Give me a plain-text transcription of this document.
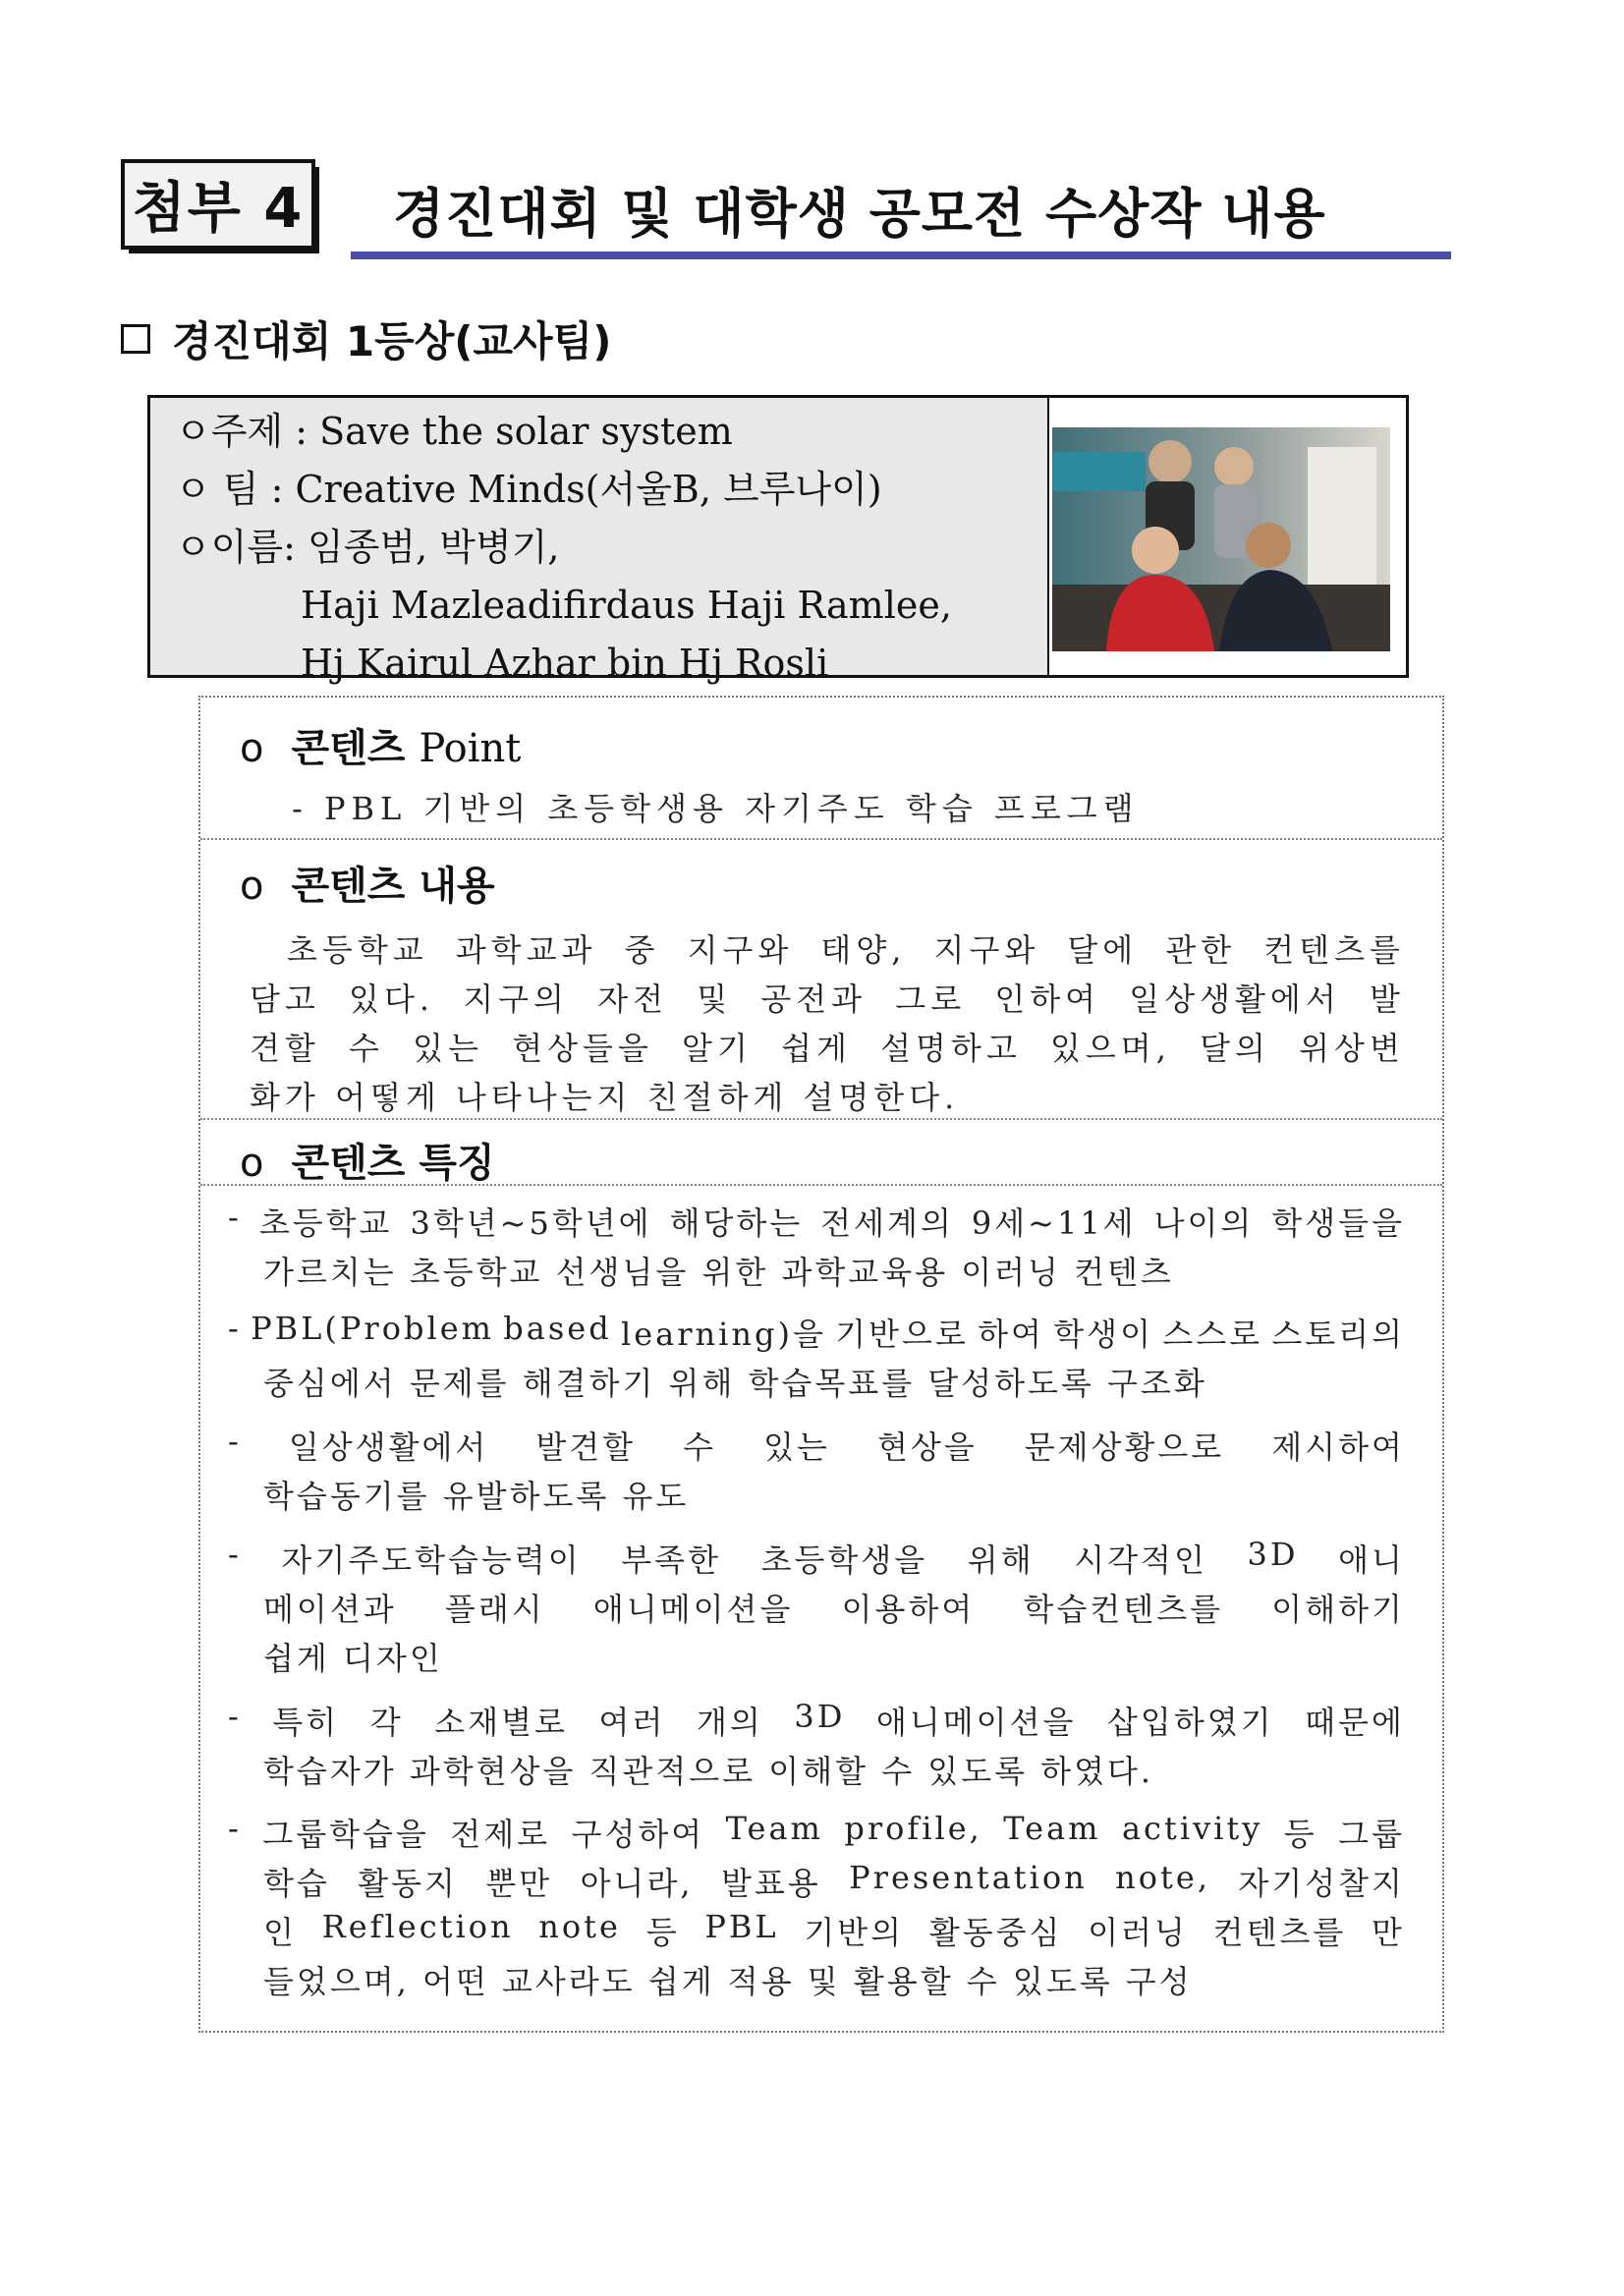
첨부 4 경진대회 및 대학생 공모전 수상작 내용
경진대회 1등상(교사팀)
ㅇ주제 : Save the solar system
ㅇ 팀 : Creative Minds(서울B, 브루나이)
ㅇ이름: 임종범, 박병기,
Haji Mazleadifirdaus Haji Ramlee,
Hj Kairul Azhar bin Hj Rosli
o 콘텐츠 Point
- PBL 기반의 초등학생용 자기주도 학습 프로그램
o 콘텐츠 내용
초등학교 과학교과 중 지구와 태양, 지구와 달에 관한 컨텐츠를
담고 있다. 지구의 자전 및 공전과 그로 인하여 일상생활에서 발
견할 수 있는 현상들을 알기 쉽게 설명하고 있으며, 달의 위상변
화가 어떻게 나타나는지 친절하게 설명한다.
o 콘텐츠 특징
- 초등학교 3학년~5학년에 해당하는 전세계의 9세~11세 나이의 학생들을
가르치는 초등학교 선생님을 위한 과학교육용 이러닝 컨텐츠
- PBL(Problem based learning)을 기반으로 하여 학생이 스스로 스토리의
중심에서 문제를 해결하기 위해 학습목표를 달성하도록 구조화
- 일상생활에서 발견할 수 있는 현상을 문제상황으로 제시하여
학습동기를 유발하도록 유도
- 자기주도학습능력이 부족한 초등학생을 위해 시각적인 3D 애니
메이션과 플래시 애니메이션을 이용하여 학습컨텐츠를 이해하기
쉽게 디자인
- 특히 각 소재별로 여러 개의 3D 애니메이션을 삽입하였기 때문에
학습자가 과학현상을 직관적으로 이해할 수 있도록 하였다.
- 그룹학습을 전제로 구성하여 Team profile, Team activity 등 그룹
학습 활동지 뿐만 아니라, 발표용 Presentation note, 자기성찰지
인 Reflection note 등 PBL 기반의 활동중심 이러닝 컨텐츠를 만
들었으며, 어떤 교사라도 쉽게 적용 및 활용할 수 있도록 구성
